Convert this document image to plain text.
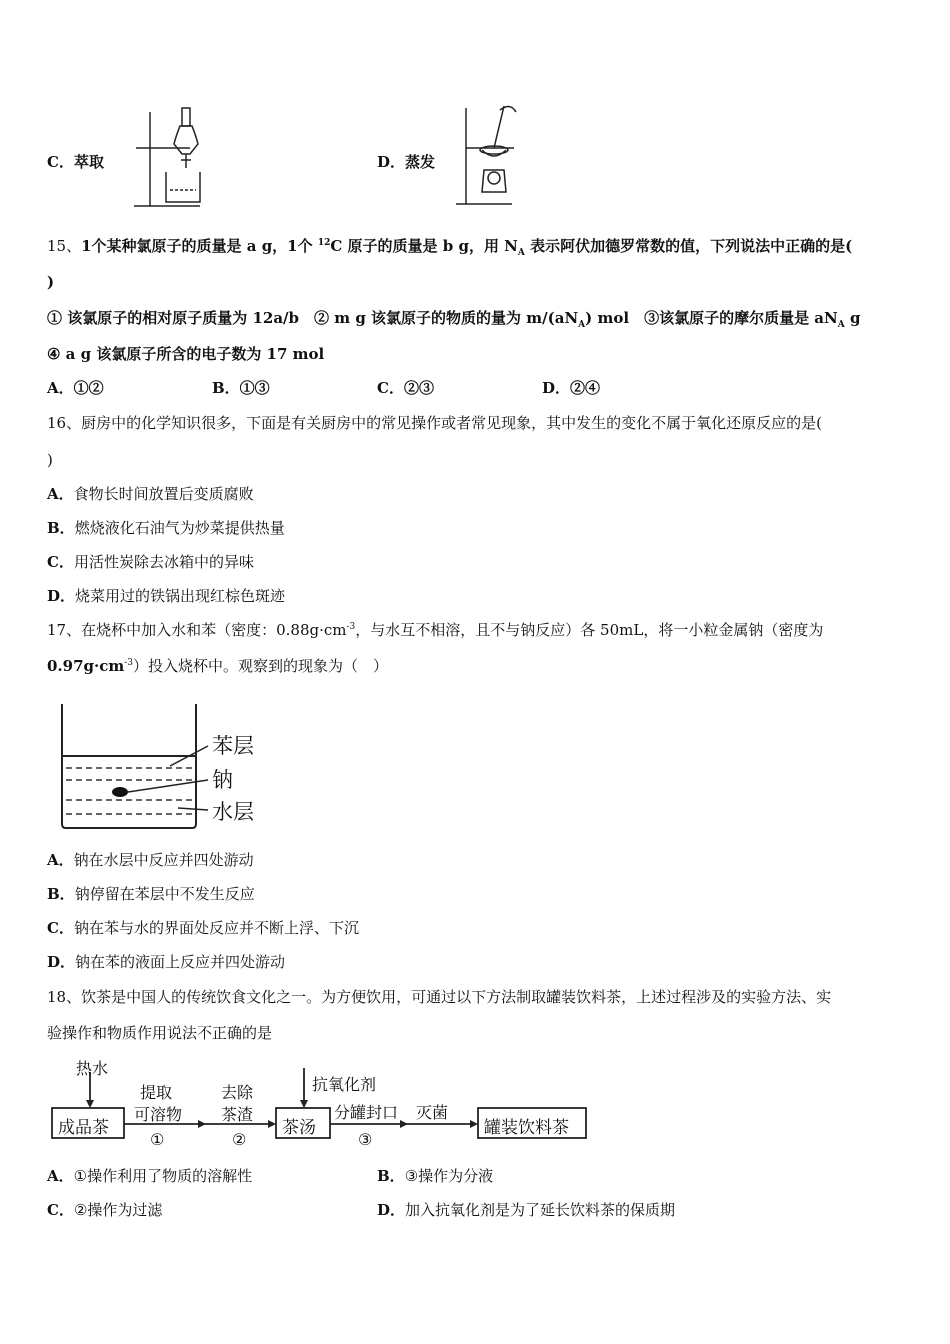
C．萃取	D．蒸发
15、1个某种氯原子的质量是 a g，1个 $^{12}$C 原子的质量是 b g，用 $N_A$ 表示阿伏加德罗常数的值，下列说法中正确的是(
)
① 该氯原子的相对原子质量为 12a/b　 ② m g 该氯原子的物质的量为 $m/(aN_A)$ mol　 ③该氯原子的摩尔质量是 $aN_A$ g
④ a g 该氯原子所含的电子数为 17 mol
A．①②	B．①③	C．②③	D．②④
16、厨房中的化学知识很多，下面是有关厨房中的常见操作或者常见现象，其中发生的变化不属于氧化还原反应的是(
)
A．食物长时间放置后变质腐败
B．燃烧液化石油气为炒菜提供热量
C．用活性炭除去冰箱中的异味
D．烧菜用过的铁锅出现红棕色斑迹
17、在烧杯中加入水和苯（密度：$0.88g\cdot cm^{-3}$，与水互不相溶，且不与钠反应）各 50mL，将一小粒金属钠（密度为
$0.97g\cdot cm^{-3}$）投入烧杯中。观察到的现象为（　）
苯层
钠
水层
A．钠在水层中反应并四处游动
B．钠停留在苯层中不发生反应
C．钠在苯与水的界面处反应并不断上浮、下沉
D．钠在苯的液面上反应并四处游动
18、饮茶是中国人的传统饮食文化之一。为方便饮用，可通过以下方法制取罐装饮料茶，上述过程涉及的实验方法、实
验操作和物质作用说法不正确的是
热水
成品茶
提取
可溶物
①
去除
茶渣
②
抗氧化剂
茶汤
分罐封口
③
灭菌
罐装饮料茶
A．①操作利用了物质的溶解性	B．③操作为分液
C．②操作为过滤	D．加入抗氧化剂是为了延长饮料茶的保质期
